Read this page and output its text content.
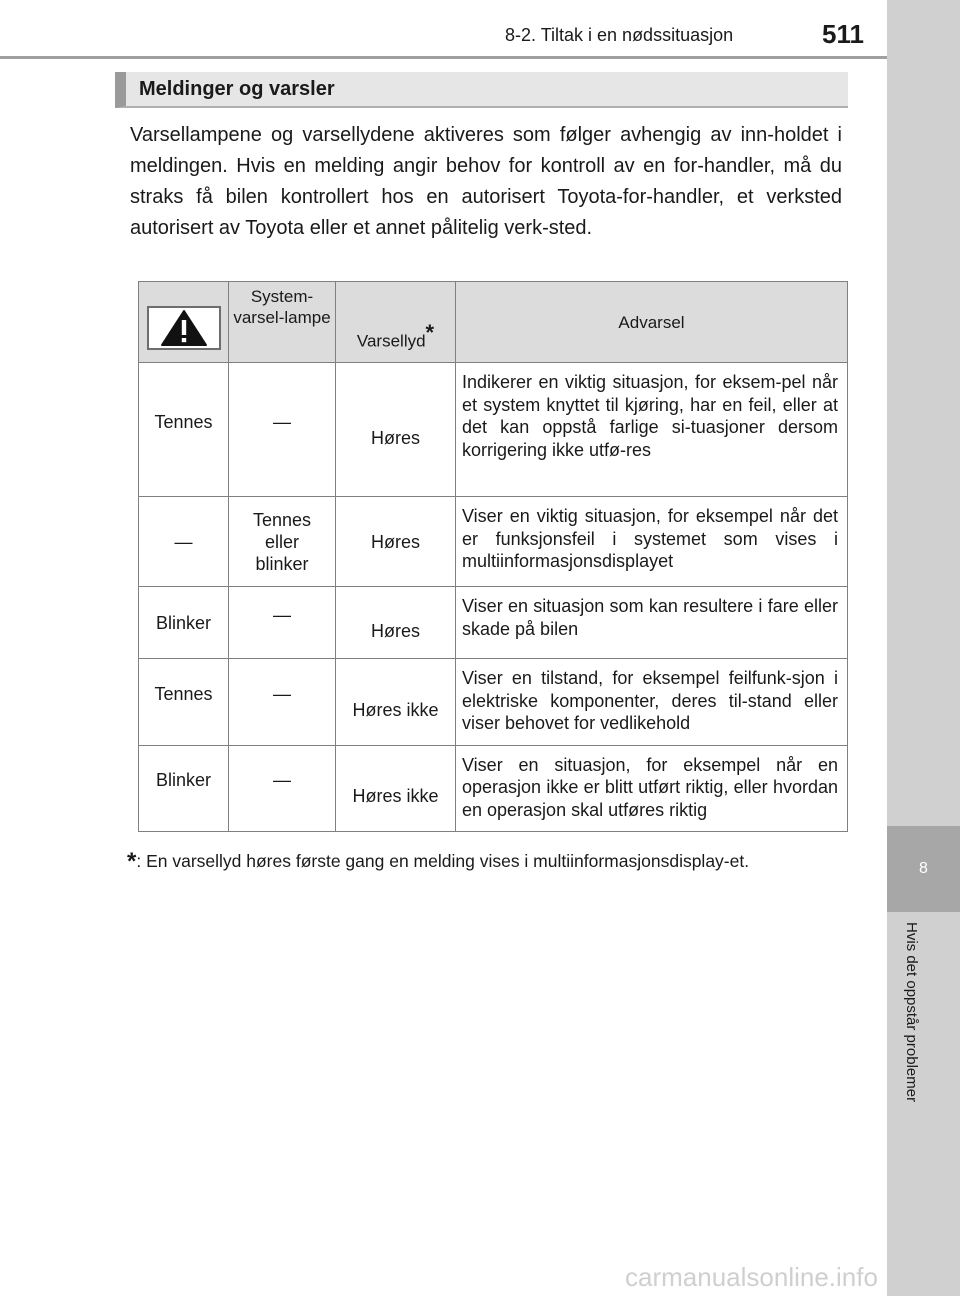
8
Hvis det oppstår problemer
8-2. Tiltak i en nødssituasjon	511
Meldinger og varsler
Varsellampene og varsellydene aktiveres som følger avhengig av inn-holdet i meldingen. Hvis en melding angir behov for kontroll av en for-handler, må du straks få bilen kontrollert hos en autorisert Toyota-for-handler, et verksted autorisert av Toyota eller et annet pålitelig verk-sted.
	System-varsel-lampe	Varsellyd*	Advarsel
Tennes	—	Høres	Indikerer en viktig situasjon, for eksem-pel når et system knyttet til kjøring, har en feil, eller at det kan oppstå farlige si-tuasjoner dersom korrigering ikke utfø-res
—	Tennes eller blinker	Høres	Viser en viktig situasjon, for eksempel når det er funksjonsfeil i systemet som vises i multiinformasjonsdisplayet
Blinker	—	Høres	Viser en situasjon som kan resultere i fare eller skade på bilen
Tennes	—	Høres ikke	Viser en tilstand, for eksempel feilfunk-sjon i elektriske komponenter, deres til-stand eller viser behovet for vedlikehold
Blinker	—	Høres ikke	Viser en situasjon, for eksempel når en operasjon ikke er blitt utført riktig, eller hvordan en operasjon skal utføres riktig
*: En varsellyd høres første gang en melding vises i multiinformasjonsdisplay-et.
carmanualsonline.info
